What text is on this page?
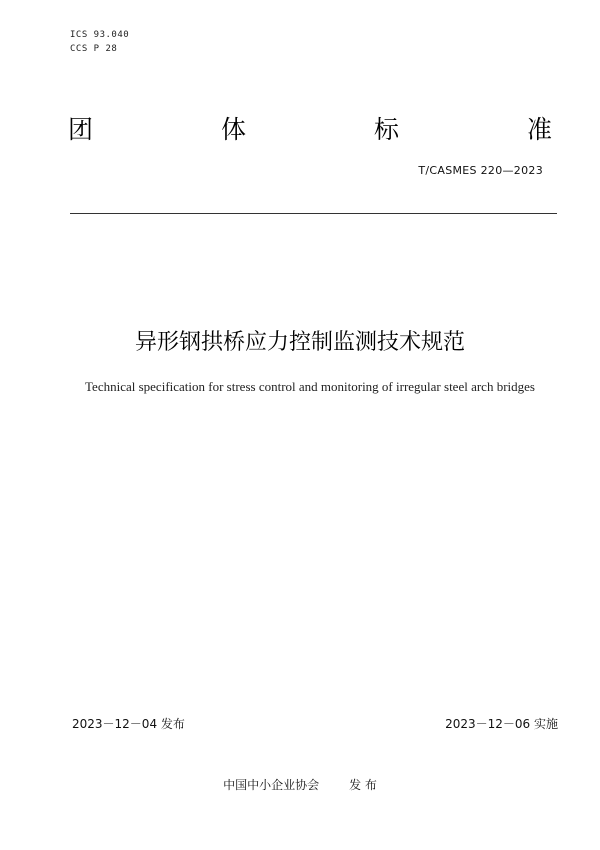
ICS 93.040
CCS P 28
团	体	标	准
T/CASMES 220—2023
异形钢拱桥应力控制监测技术规范
Technical specification for stress control and monitoring of irregular steel arch bridges
2023－12－04 发布	2023－12－06 实施
中国中小企业协会	发 布
